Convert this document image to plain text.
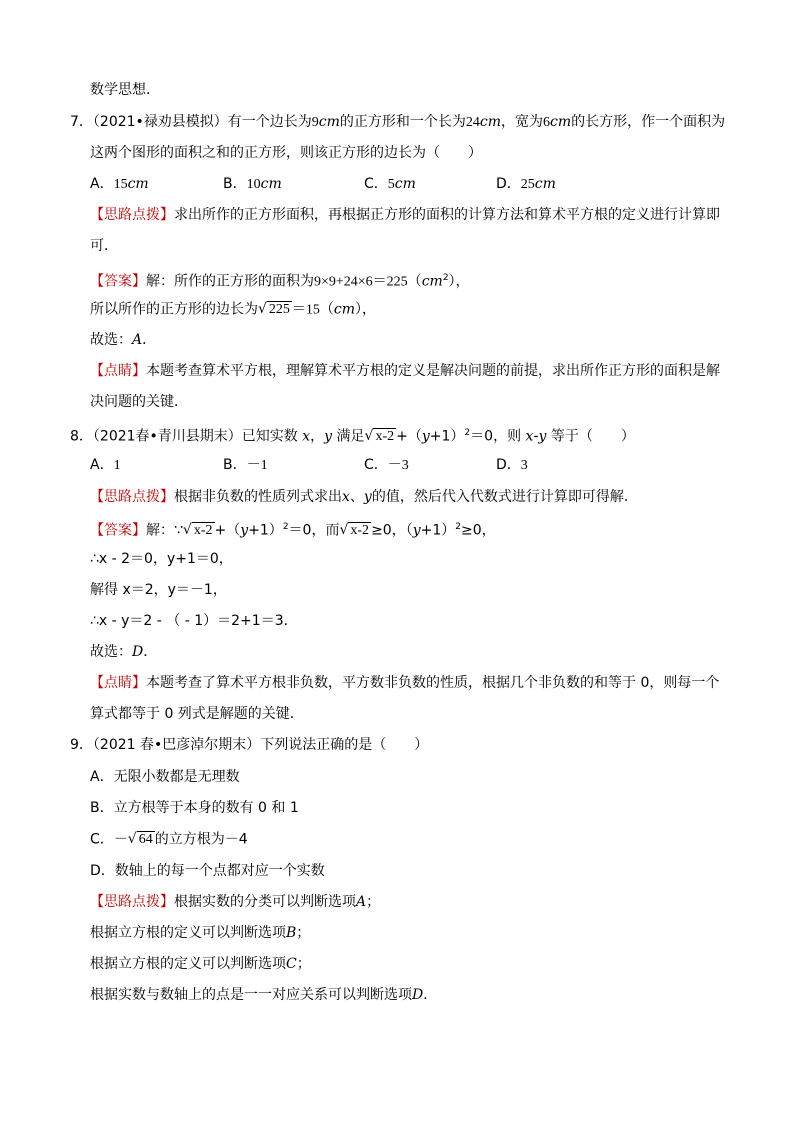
数学思想．
7．（2021•禄劝县模拟）有一个边长为9cm的正方形和一个长为24cm，宽为6cm的长方形，作一个面积为
这两个图形的面积之和的正方形，则该正方形的边长为（　　）
A．15cm	B．10cm	C．5cm	D．25cm
【思路点拨】求出所作的正方形面积，再根据正方形的面积的计算方法和算术平方根的定义进行计算即
可．
【答案】解：所作的正方形的面积为$9\times 9+24\times 6=225(cm^2)$，
所以所作的正方形的边长为√ 225 ＝15（cm），
故选：A．
【点睛】本题考查算术平方根，理解算术平方根的定义是解决问题的前提，求出所作正方形的面积是解
决问题的关键．
8．（2021春•青川县期末）已知实数 x，y 满足√ $x-2 +(y+1)^2=0$，则 x-y 等于（　　）
A．1	B．－1	C．－3	D．3
【思路点拨】根据非负数的性质列式求出x、y的值，然后代入代数式进行计算即可得解．
【答案】解：∵√ $x-2 +(y+1)^2=0$，而√ x-2 ≥0，$(y+1)^2\ge 0$，
∴x - 2＝0，y+1＝0，
解得 x＝2，y＝－1，
∴x - y＝2 - （ - 1）＝2+1＝3．
故选：D．
【点睛】本题考查了算术平方根非负数，平方数非负数的性质，根据几个非负数的和等于 0，则每一个
算式都等于 0 列式是解题的关键．
9．（2021 春•巴彦淖尔期末）下列说法正确的是（　　）
A．无限小数都是无理数
B．立方根等于本身的数有 0 和 1
C．－√ 64 的立方根为－4
D．数轴上的每一个点都对应一个实数
【思路点拨】根据实数的分类可以判断选项A；
根据立方根的定义可以判断选项B；
根据立方根的定义可以判断选项C；
根据实数与数轴上的点是一一对应关系可以判断选项D．
